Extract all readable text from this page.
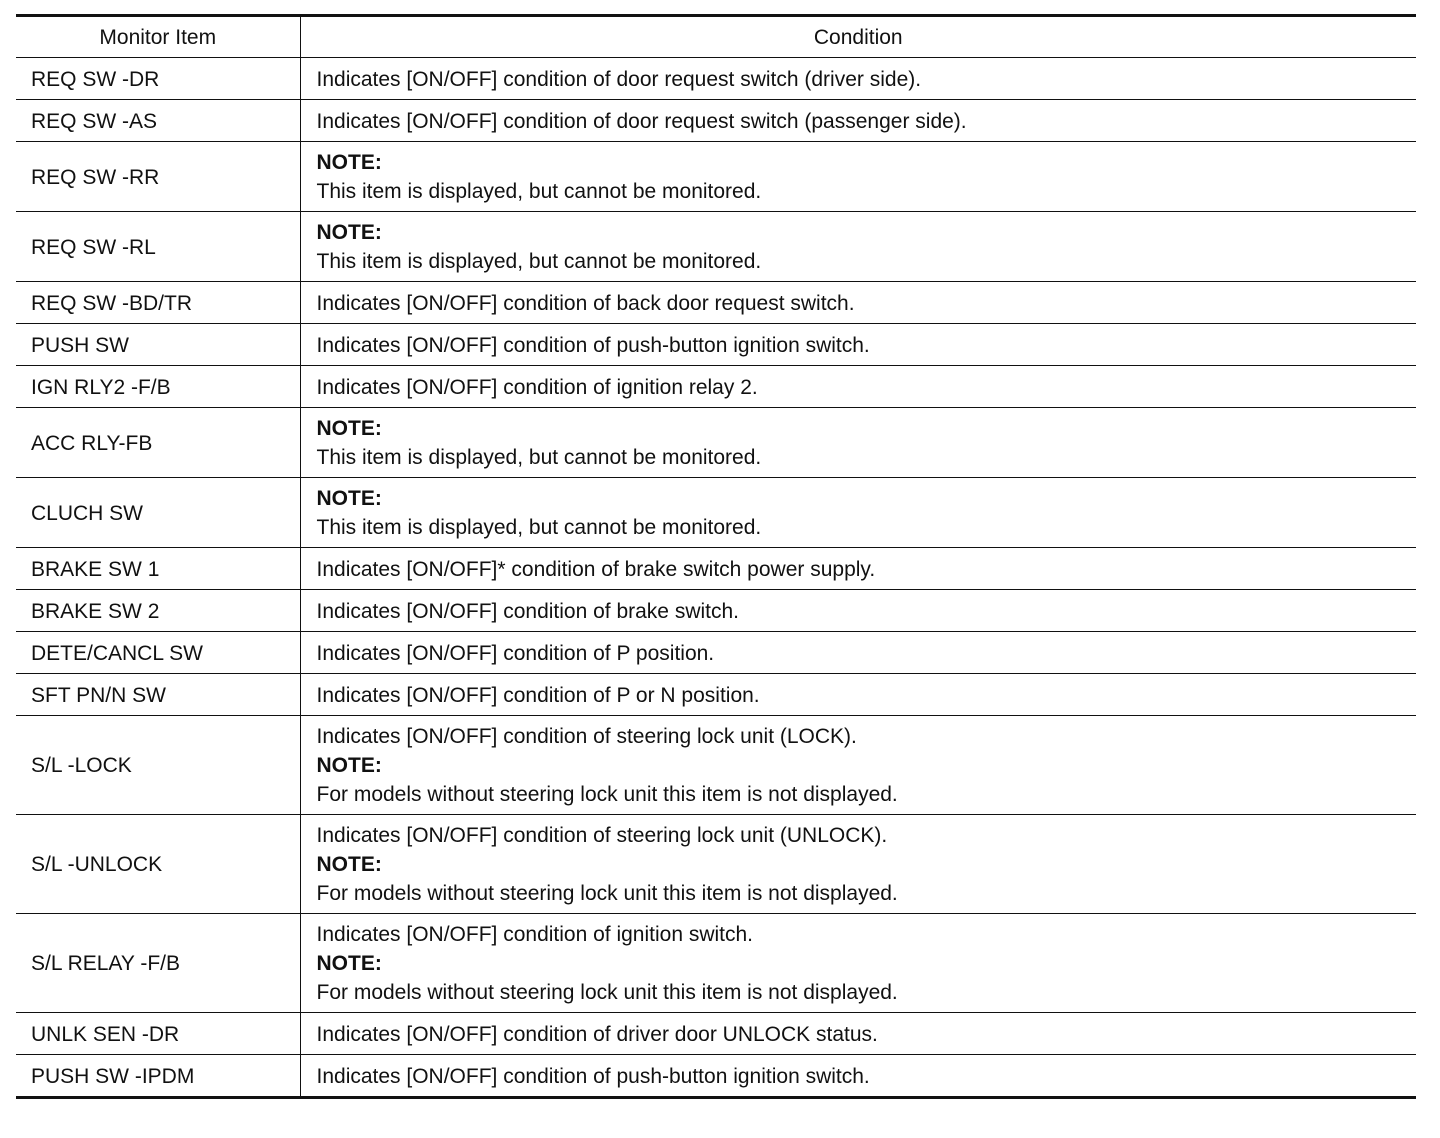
Monitor Item	Condition
REQ SW -DR	Indicates [ON/OFF] condition of door request switch (driver side).

REQ SW -AS	Indicates [ON/OFF] condition of door request switch (passenger side).

REQ SW -RR	NOTE:
This item is displayed, but cannot be monitored.

REQ SW -RL	NOTE:
This item is displayed, but cannot be monitored.

REQ SW -BD/TR	Indicates [ON/OFF] condition of back door request switch.

PUSH SW	Indicates [ON/OFF] condition of push-button ignition switch.

IGN RLY2 -F/B	Indicates [ON/OFF] condition of ignition relay 2.

ACC RLY-FB	NOTE:
This item is displayed, but cannot be monitored.

CLUCH SW	NOTE:
This item is displayed, but cannot be monitored.

BRAKE SW 1	Indicates [ON/OFF]* condition of brake switch power supply.

BRAKE SW 2	Indicates [ON/OFF] condition of brake switch.

DETE/CANCL SW	Indicates [ON/OFF] condition of P position.

SFT PN/N SW	Indicates [ON/OFF] condition of P or N position.

S/L -LOCK	Indicates [ON/OFF] condition of steering lock unit (LOCK).
NOTE:
For models without steering lock unit this item is not displayed.

S/L -UNLOCK	Indicates [ON/OFF] condition of steering lock unit (UNLOCK).
NOTE:
For models without steering lock unit this item is not displayed.

S/L RELAY -F/B	Indicates [ON/OFF] condition of ignition switch.
NOTE:
For models without steering lock unit this item is not displayed.

UNLK SEN -DR	Indicates [ON/OFF] condition of driver door UNLOCK status.

PUSH SW -IPDM	Indicates [ON/OFF] condition of push-button ignition switch.
